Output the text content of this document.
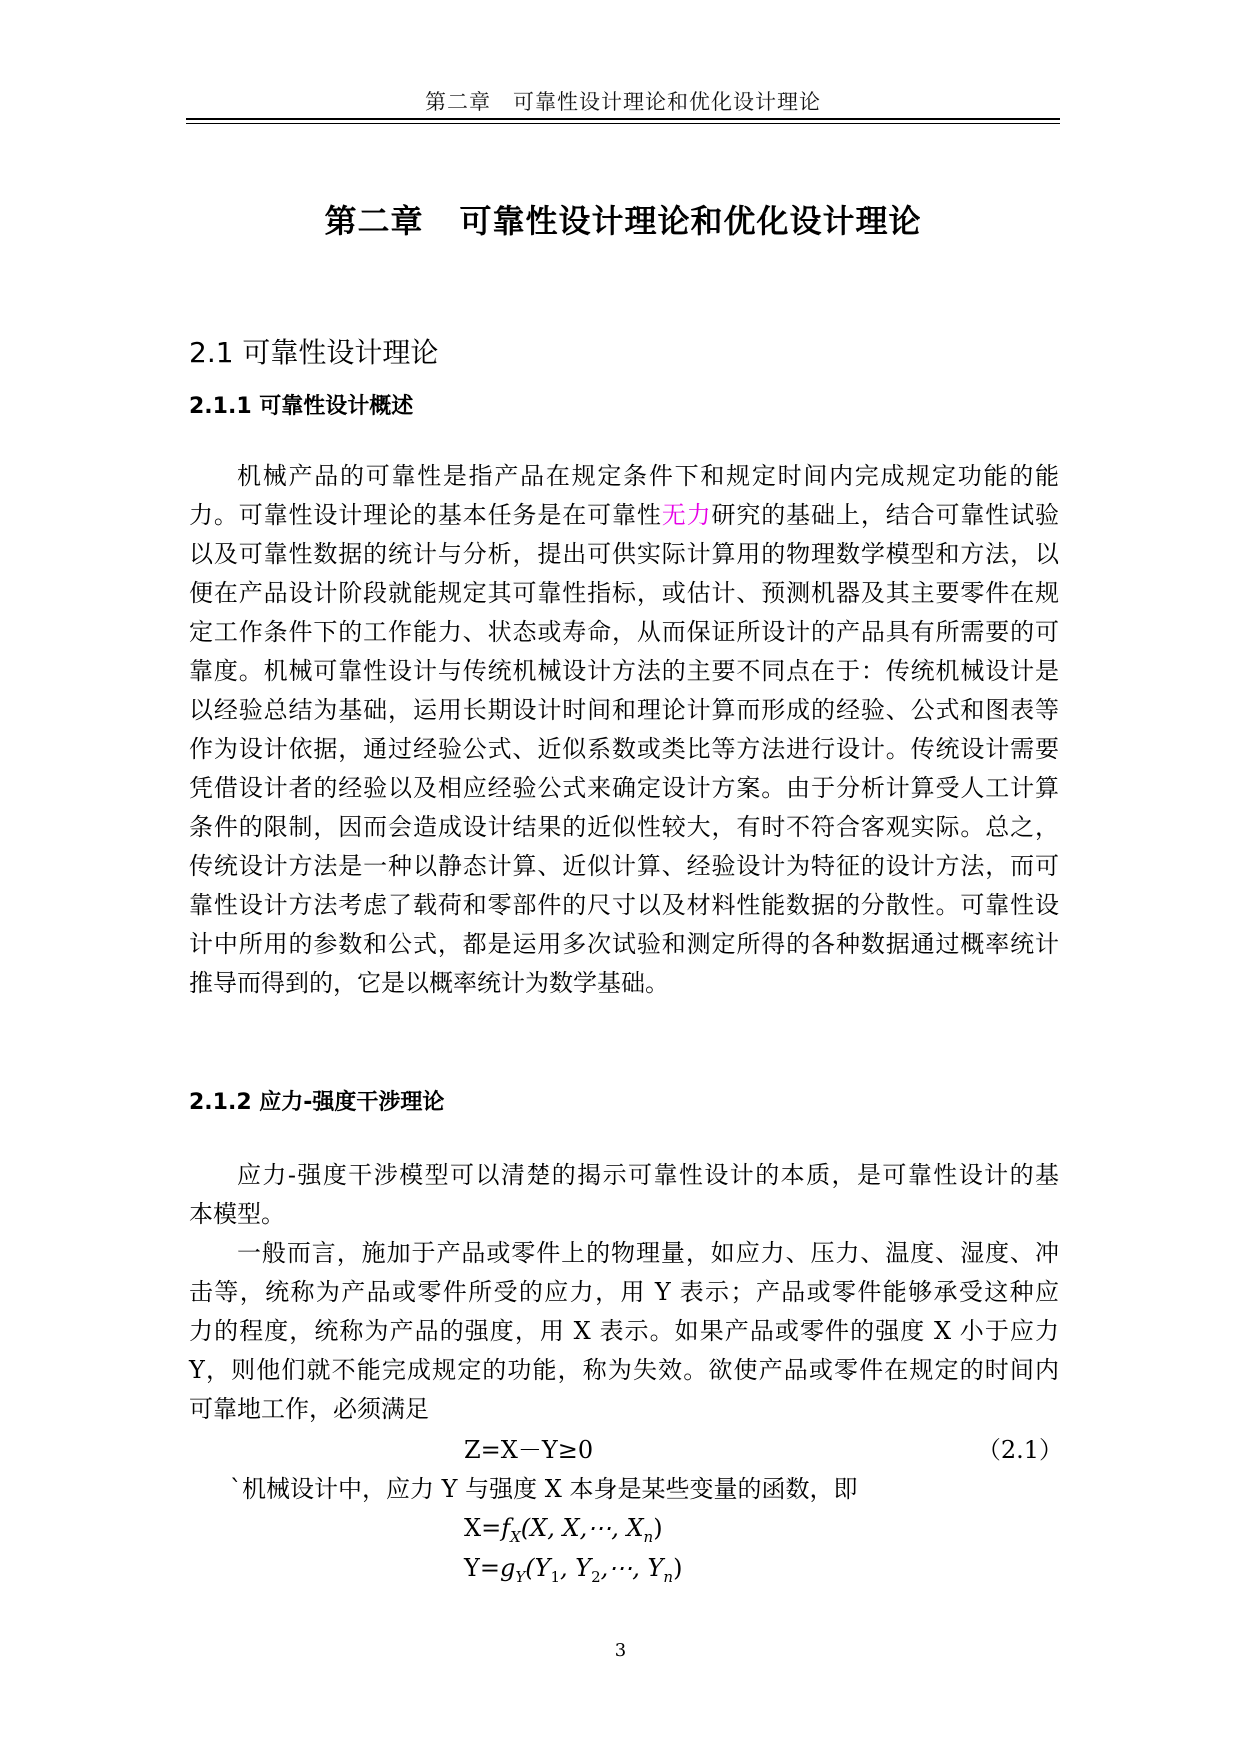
第二章　可靠性设计理论和优化设计理论
第二章 可靠性设计理论和优化设计理论
2.1 可靠性设计理论
2.1.1 可靠性设计概述
机械产品的可靠性是指产品在规定条件下和规定时间内完成规定功能的能
力。可靠性设计理论的基本任务是在可靠性无力研究的基础上，结合可靠性试验
以及可靠性数据的统计与分析，提出可供实际计算用的物理数学模型和方法，以
便在产品设计阶段就能规定其可靠性指标，或估计、预测机器及其主要零件在规
定工作条件下的工作能力、状态或寿命，从而保证所设计的产品具有所需要的可
靠度。机械可靠性设计与传统机械设计方法的主要不同点在于：传统机械设计是
以经验总结为基础，运用长期设计时间和理论计算而形成的经验、公式和图表等
作为设计依据，通过经验公式、近似系数或类比等方法进行设计。传统设计需要
凭借设计者的经验以及相应经验公式来确定设计方案。由于分析计算受人工计算
条件的限制，因而会造成设计结果的近似性较大，有时不符合客观实际。总之，
传统设计方法是一种以静态计算、近似计算、经验设计为特征的设计方法，而可
靠性设计方法考虑了载荷和零部件的尺寸以及材料性能数据的分散性。可靠性设
计中所用的参数和公式，都是运用多次试验和测定所得的各种数据通过概率统计
推导而得到的，它是以概率统计为数学基础。
2.1.2 应力-强度干涉理论
应力-强度干涉模型可以清楚的揭示可靠性设计的本质，是可靠性设计的基
本模型。
一般而言，施加于产品或零件上的物理量，如应力、压力、温度、湿度、冲
击等，统称为产品或零件所受的应力，用 Y 表示；产品或零件能够承受这种应
力的程度，统称为产品的强度，用 X 表示。如果产品或零件的强度 X 小于应力
Y，则他们就不能完成规定的功能，称为失效。欲使产品或零件在规定的时间内
可靠地工作，必须满足
Z=X－Y≥0	（2.1）
`机械设计中，应力 Y 与强度 X 本身是某些变量的函数，即
$X=f_X(X$, X,⋯, $X_n$)
$Y=g_Y(Y_1$, $Y_2,\cdots$, $Y_n$)
3
